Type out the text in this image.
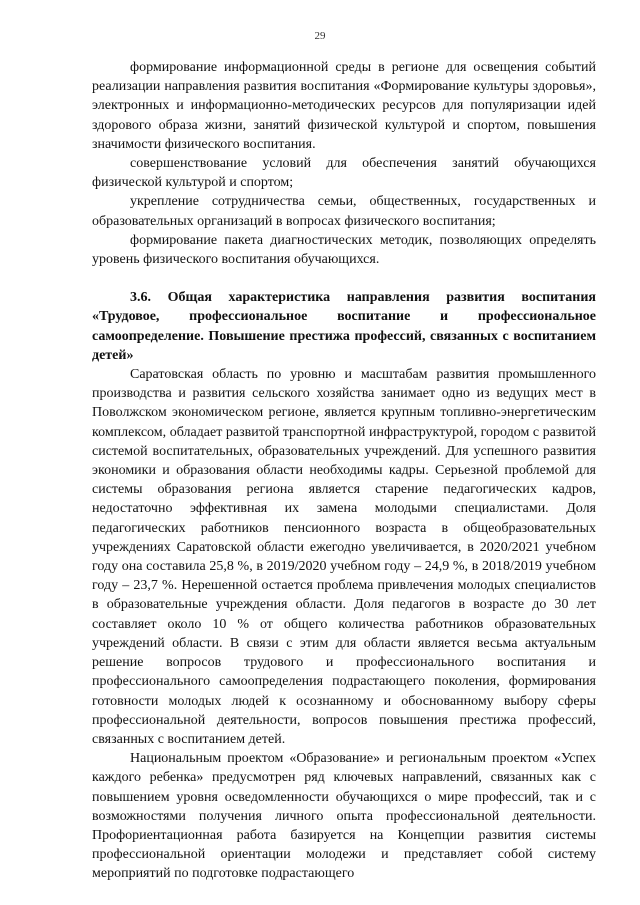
29

формирование информационной среды в регионе для освещения событий реализации направления развития воспитания «Формирование культуры здоровья», электронных и информационно-методических ресурсов для популяризации идей здорового образа жизни, занятий физической культурой и спортом, повышения значимости физического воспитания.

совершенствование условий для обеспечения занятий обучающихся физической культурой и спортом;

укрепление сотрудничества семьи, общественных, государственных и образовательных организаций в вопросах физического воспитания;

формирование пакета диагностических методик, позволяющих определять уровень физического воспитания обучающихся.

3.6. Общая характеристика направления развития воспитания «Трудовое, профессиональное воспитание и профессиональное самоопределение. Повышение престижа профессий, связанных с воспитанием детей»

Саратовская область по уровню и масштабам развития промышленного производства и развития сельского хозяйства занимает одно из ведущих мест в Поволжском экономическом регионе, является крупным топливно-энергетическим комплексом, обладает развитой транспортной инфраструктурой, городом с развитой системой воспитательных, образовательных учреждений. Для успешного развития экономики и образования области необходимы кадры. Серьезной проблемой для системы образования региона является старение педагогических кадров, недостаточно эффективная их замена молодыми специалистами. Доля педагогических работников пенсионного возраста в общеобразовательных учреждениях Саратовской области ежегодно увеличивается, в 2020/2021 учебном году она составила 25,8 %, в 2019/2020 учебном году – 24,9 %, в 2018/2019 учебном году – 23,7 %. Нерешенной остается проблема привлечения молодых специалистов в образовательные учреждения области. Доля педагогов в возрасте до 30 лет составляет около 10 % от общего количества работников образовательных учреждений области. В связи с этим для области является весьма актуальным решение вопросов трудового и профессионального воспитания и профессионального самоопределения подрастающего поколения, формирования готовности молодых людей к осознанному и обоснованному выбору сферы профессиональной деятельности, вопросов повышения престижа профессий, связанных с воспитанием детей.

Национальным проектом «Образование» и региональным проектом «Успех каждого ребенка» предусмотрен ряд ключевых направлений, связанных как с повышением уровня осведомленности обучающихся о мире профессий, так и с возможностями получения личного опыта профессиональной деятельности. Профориентационная работа базируется на Концепции развития системы профессиональной ориентации молодежи и представляет собой систему мероприятий по подготовке подрастающего
